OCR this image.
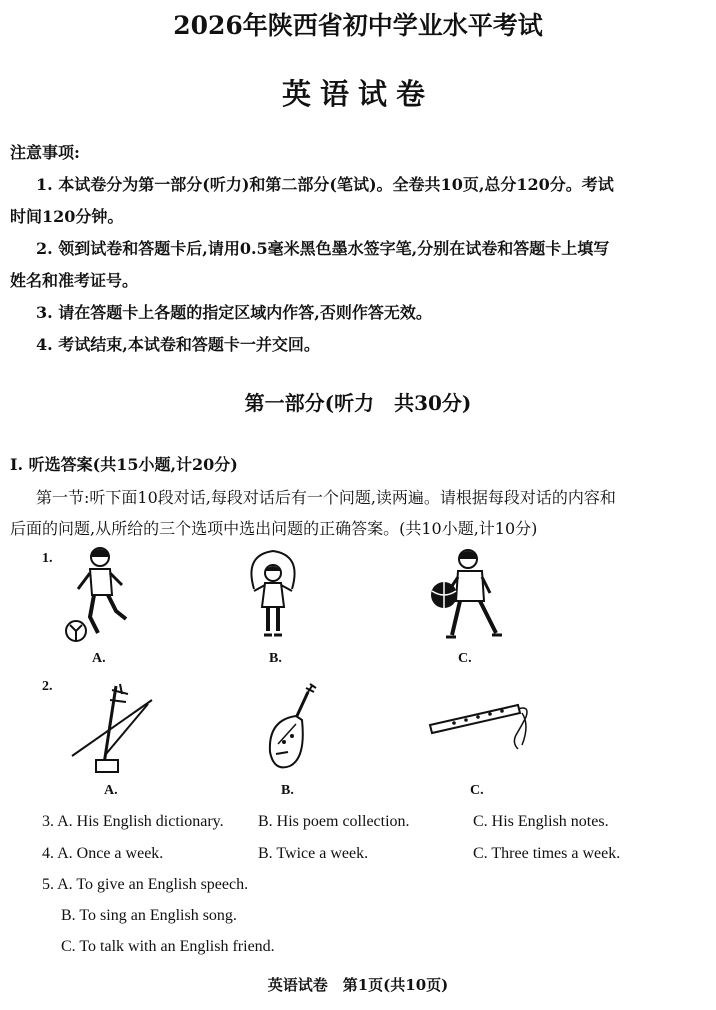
2026年陕西省初中学业水平考试
英语试卷
注意事项:
1. 本试卷分为第一部分(听力)和第二部分(笔试)。全卷共10页,总分120分。考试
时间120分钟。
2. 领到试卷和答题卡后,请用0.5毫米黑色墨水签字笔,分别在试卷和答题卡上填写
姓名和准考证号。
3. 请在答题卡上各题的指定区域内作答,否则作答无效。
4. 考试结束,本试卷和答题卡一并交回。
第一部分(听力　共30分)
Ⅰ. 听选答案(共15小题,计20分)
第一节:听下面10段对话,每段对话后有一个问题,读两遍。请根据每段对话的内容和
后面的问题,从所给的三个选项中选出问题的正确答案。(共10小题,计10分)
1.
A.	B.	C.
2.
A.	B.	C.
3. A. His English dictionary. B. His poem collection.	C. His English notes.
4. A. Once a week.	B. Twice a week.	C. Three times a week.
5. A. To give an English speech.
B. To sing an English song.
C. To talk with an English friend.
英语试卷　第1页(共10页)
